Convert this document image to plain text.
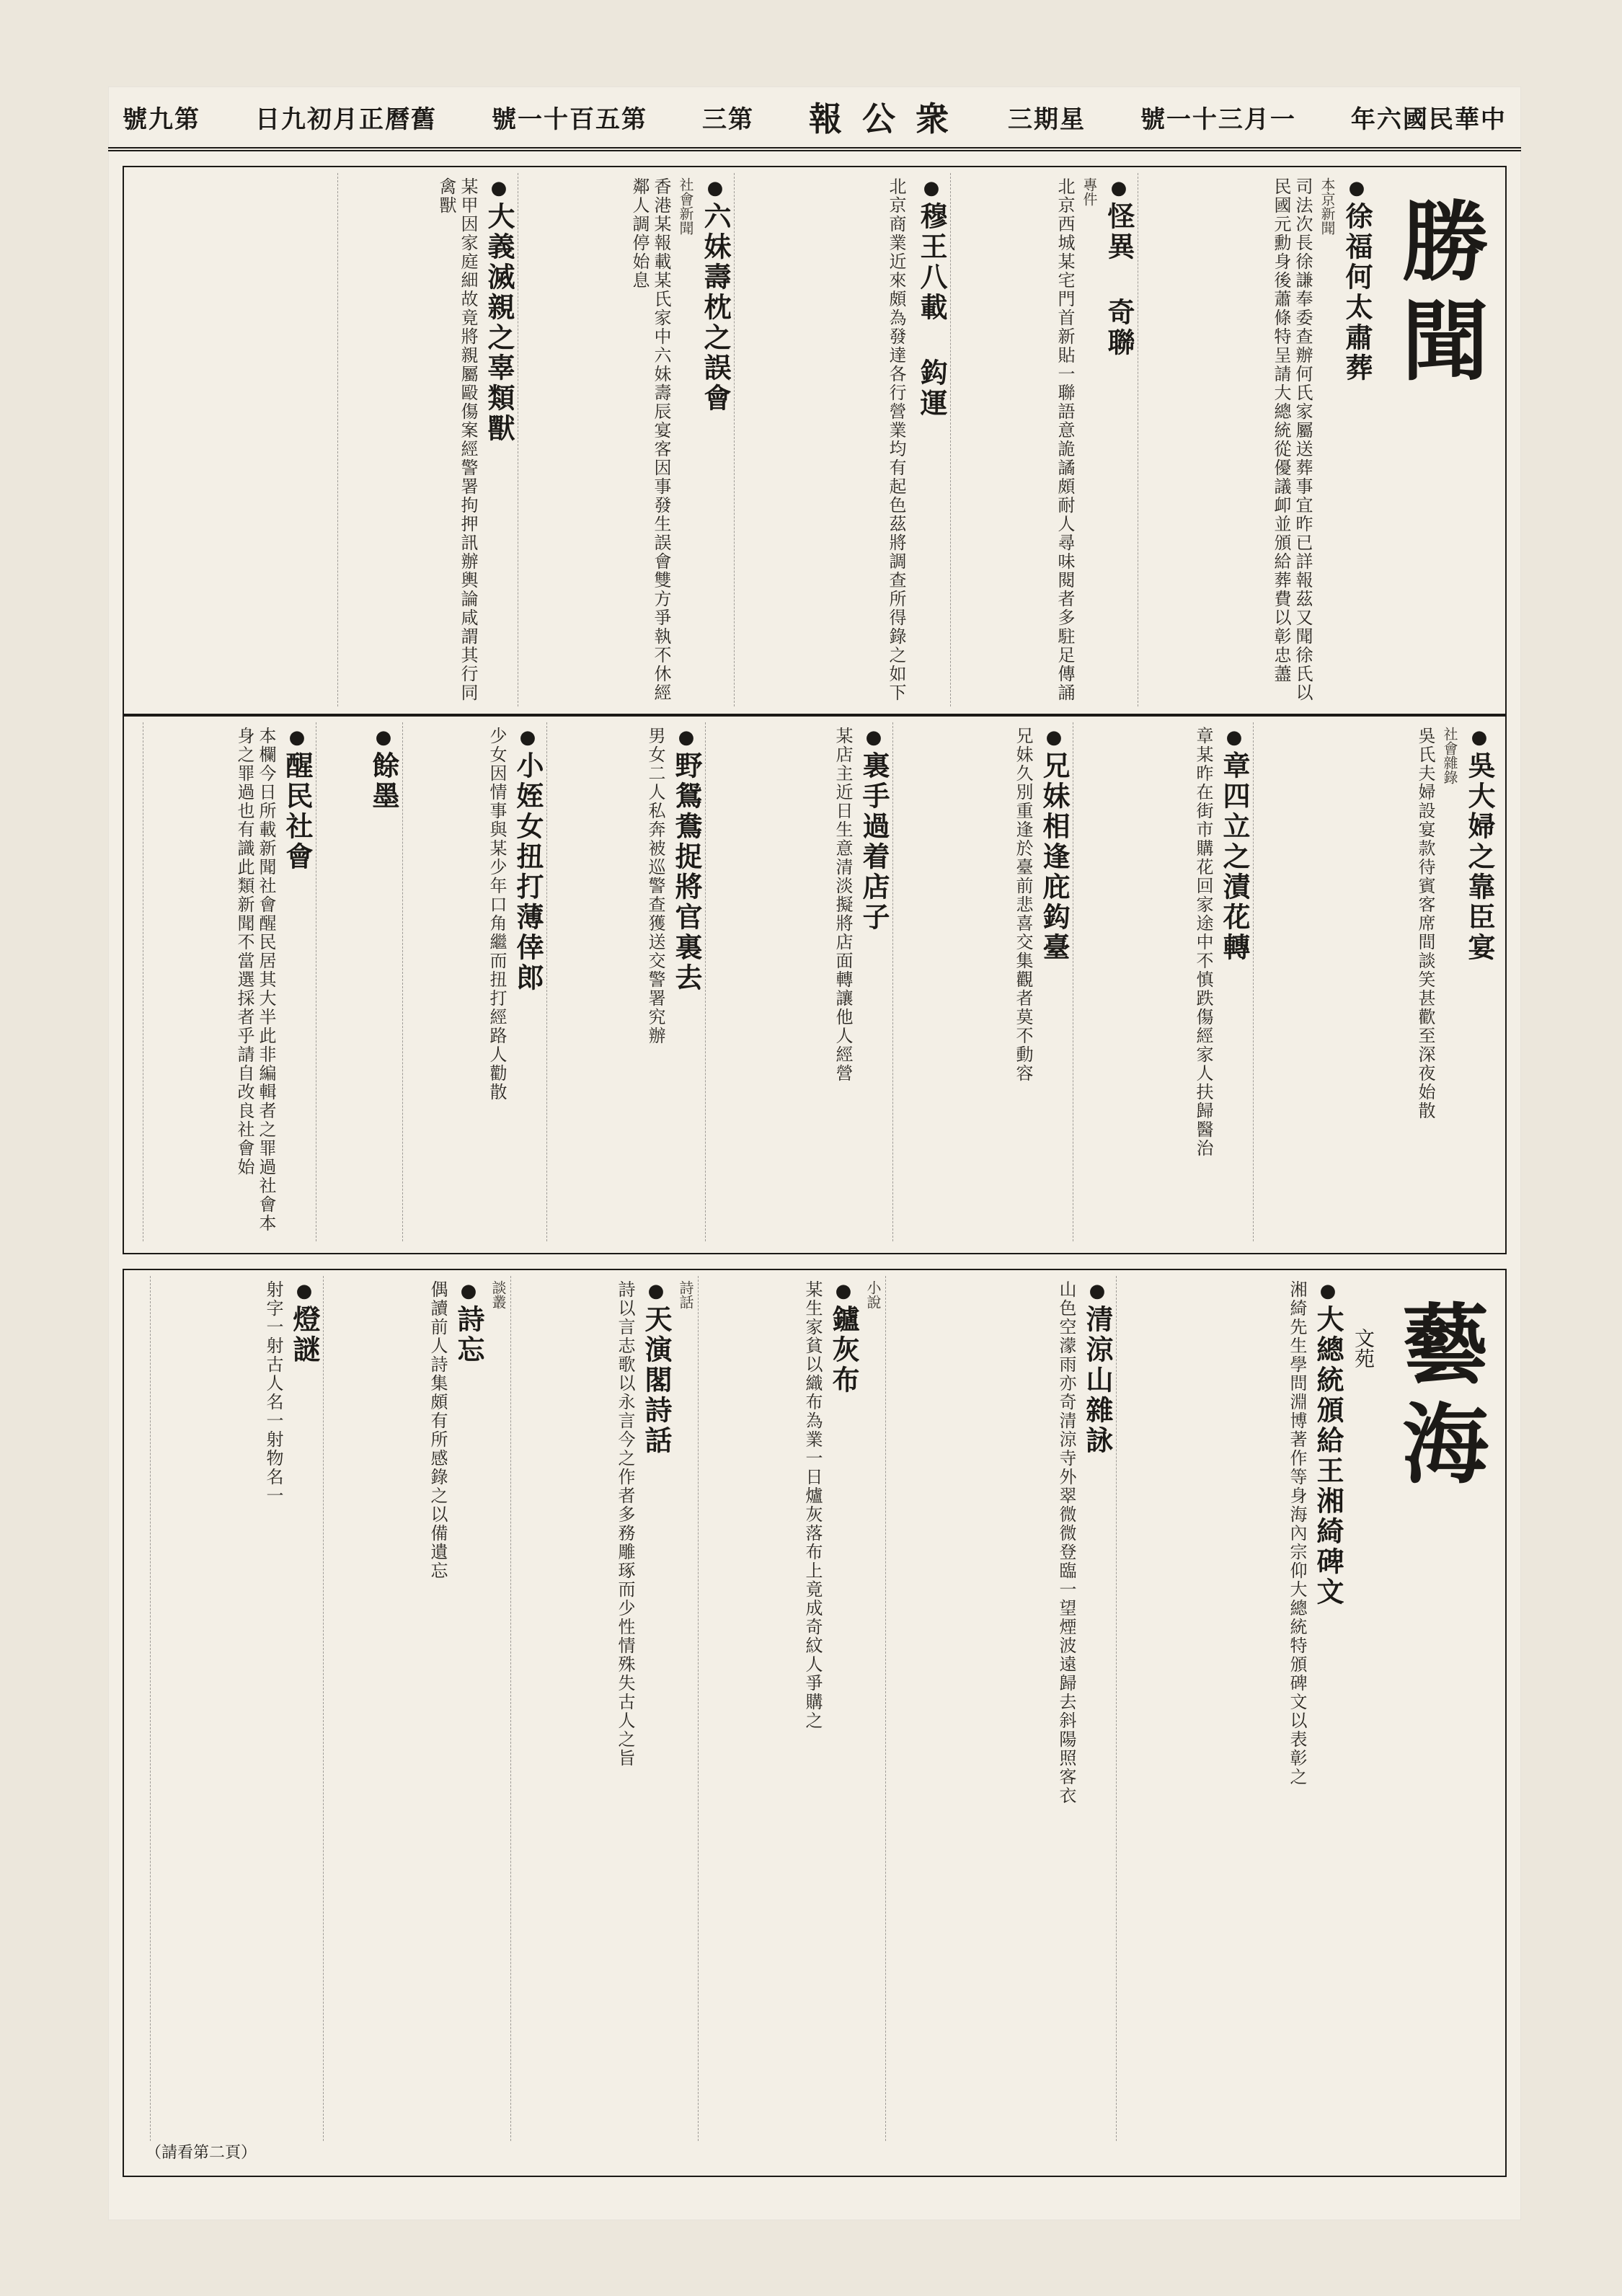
號九第 日九初月正曆舊 號一十百五第 三第 報 公 衆 三期星 號一十三月一 年六國民華中
勝聞
● 徐福何太肅葬
本京新聞
司法次長徐謙奉委查辦何氏家屬送葬事宜昨已詳報茲又聞徐氏以民國元勳身後蕭條特呈請大總統從優議卹並頒給葬費以彰忠藎
● 怪異 奇聯
專件
北京西城某宅門首新貼一聯語意詭譎頗耐人尋味閱者多駐足傳誦
● 穆王八載 鈎運
北京商業近來頗為發達各行營業均有起色茲將調查所得錄之如下
● 六妹壽枕之誤會
社會新聞
香港某報載某氏家中六妹壽辰宴客因事發生誤會雙方爭執不休經鄰人調停始息
● 大義滅親之辜類獸
某甲因家庭細故竟將親屬毆傷案經警署拘押訊辦輿論咸謂其行同禽獸
● 吳大婦之靠臣宴
社會雜錄
吳氏夫婦設宴款待賓客席間談笑甚歡至深夜始散
● 章四立之漬花轉
章某昨在街市購花回家途中不慎跌傷經家人扶歸醫治
● 兄妹相逢庇鈎臺
兄妹久別重逢於臺前悲喜交集觀者莫不動容
● 裏手過着店子
某店主近日生意清淡擬將店面轉讓他人經營
● 野鴛鴦捉將官裏去
男女二人私奔被巡警查獲送交警署究辦
● 小姪女扭打薄倖郎
少女因情事與某少年口角繼而扭打經路人勸散
● 餘墨
● 醒民社會
本欄今日所載新聞社會醒民居其大半此非編輯者之罪過社會本身之罪過也有識此類新聞不當選採者乎請自改良社會始
藝海
文苑
● 大總統頒給王湘綺碑文
湘綺先生學問淵博著作等身海內宗仰大總統特頒碑文以表彰之
● 清涼山雜詠
山色空濛雨亦奇清涼寺外翠微微登臨一望煙波遠歸去斜陽照客衣
小說
● 鑪灰布
某生家貧以織布為業一日爐灰落布上竟成奇紋人爭購之
詩話
● 天演閣詩話
詩以言志歌以永言今之作者多務雕琢而少性情殊失古人之旨
談叢
● 詩忘
偶讀前人詩集頗有所感錄之以備遺忘
● 燈謎
射字一射古人名一射物名一
（請看第二頁）
